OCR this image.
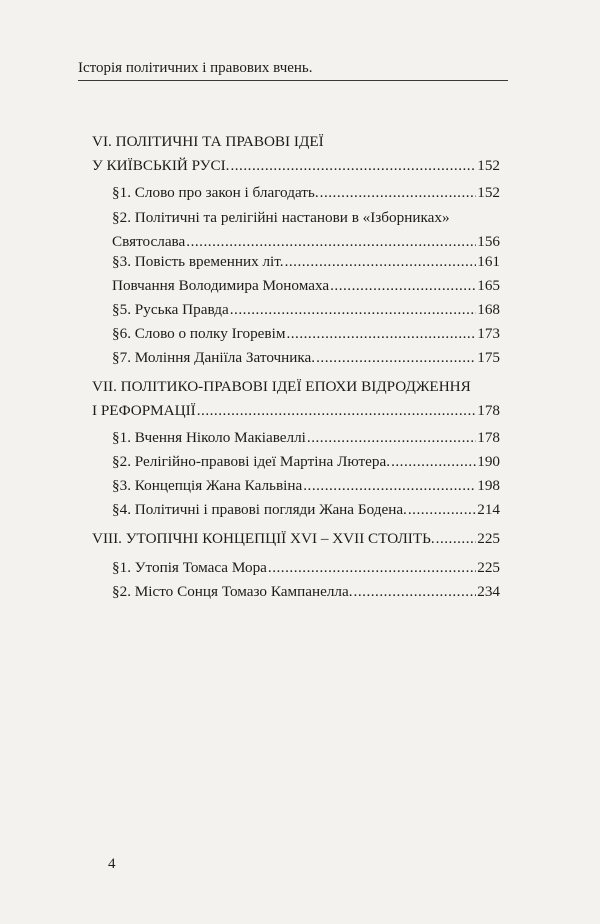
Історія політичних і правових вчень.
VI. ПОЛІТИЧНІ ТА ПРАВОВІ ІДЕЇ
У КИЇВСЬКІЙ РУСІ. .....	152
§1. Слово про закон і благодать. .....	152
§2. Політичні та релігійні настанови в «Ізборниках»
Святослава .....	156
§3. Повість временних літ. .....	161
Повчання Володимира Мономаха .....	165
§5. Руська Правда .....	168
§6. Слово о полку Ігоревім .....	173
§7. Моління Даніїла Заточника. .....	175
VII. ПОЛІТИКО-ПРАВОВІ ІДЕЇ ЕПОХИ ВІДРОДЖЕННЯ
І РЕФОРМАЦІЇ .....	178
§1. Вчення Ніколо Макіавеллі .....	178
§2. Релігійно-правові ідеї Мартіна Лютера. .....	190
§3. Концепція Жана Кальвіна .....	198
§4. Політичні і правові погляди Жана Бодена. .....	214
VIII. УТОПІЧНІ КОНЦЕПЦІЇ XVI – XVII СТОЛІТЬ. .....	225
§1. Утопія Томаса Мора .....	225
§2. Місто Сонця Томазо Кампанелла. .....	234
4
